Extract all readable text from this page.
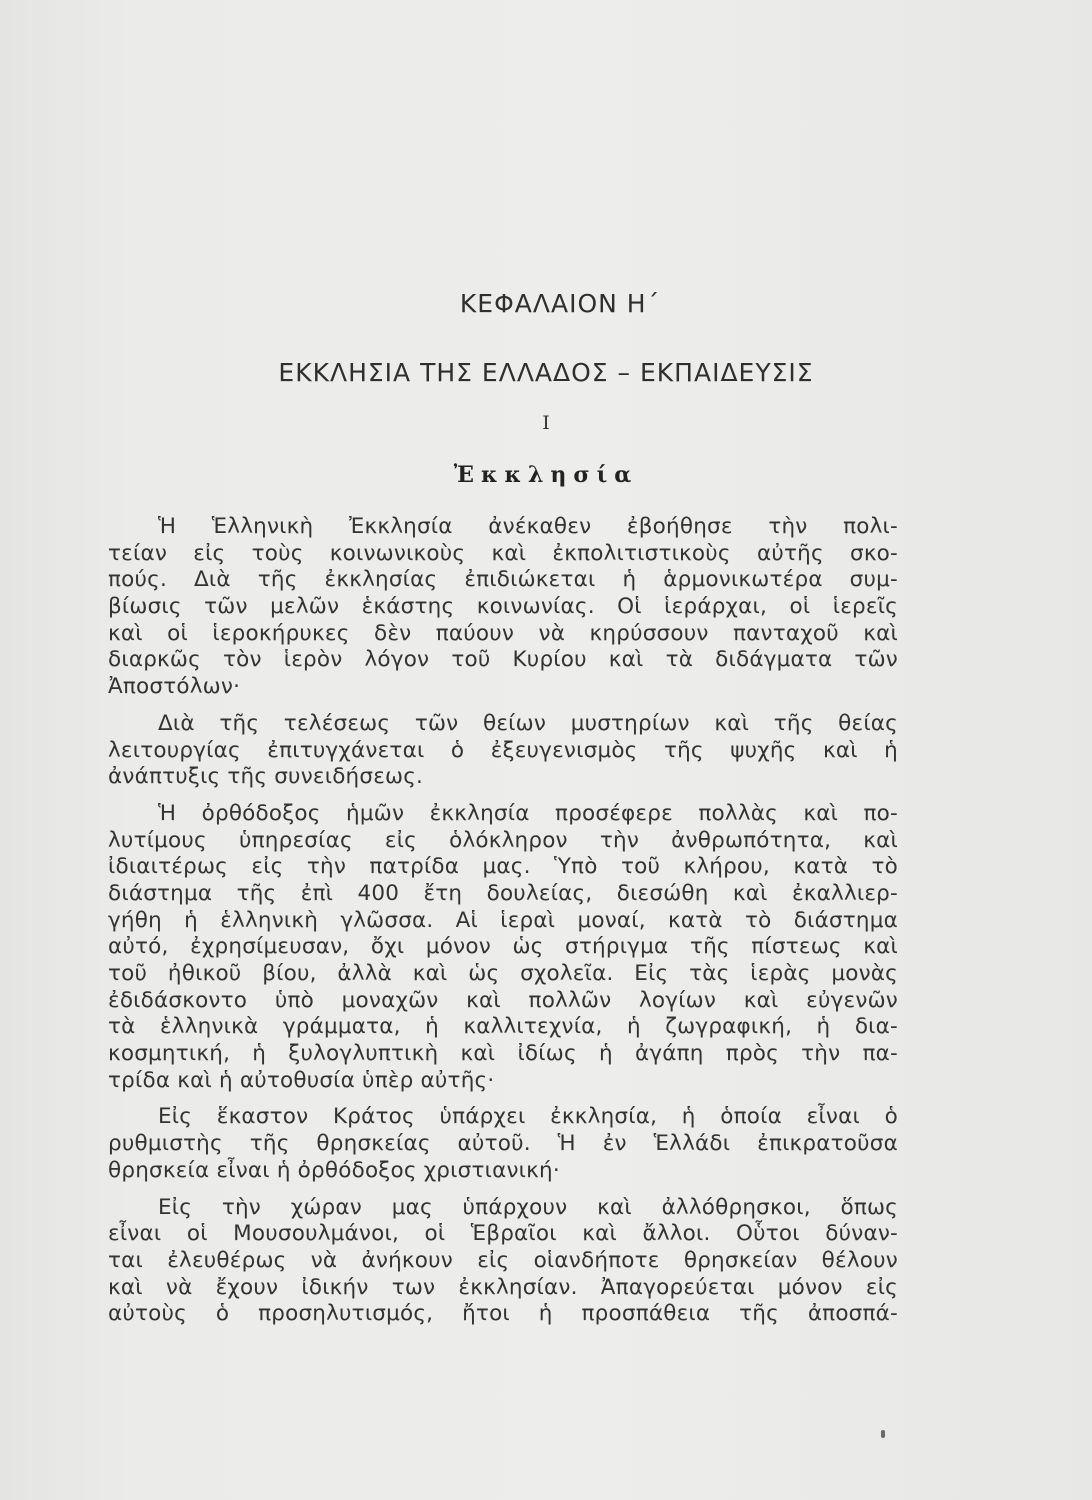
ΚΕΦΑΛΑΙΟΝ Η΄
ΕΚΚΛΗΣΙΑ ΤΗΣ ΕΛΛΑΔΟΣ – ΕΚΠΑΙΔΕΥΣΙΣ
I
Ἐκκλησία
Ἡ Ἑλληνικὴ Ἐκκλησία ἀνέκαθεν ἐβοήθησε τὴν πολι-
τείαν εἰς τοὺς κοινωνικοὺς καὶ ἐκπολιτιστικοὺς αὐτῆς σκο-
πούς. Διὰ τῆς ἐκκλησίας ἐπιδιώκεται ἡ ἁρμονικωτέρα συμ-
βίωσις τῶν μελῶν ἑκάστης κοινωνίας. Οἱ ἱεράρχαι, οἱ ἱερεῖς
καὶ οἱ ἱεροκήρυκες δὲν παύουν νὰ κηρύσσουν πανταχοῦ καὶ
διαρκῶς τὸν ἱερὸν λόγον τοῦ Κυρίου καὶ τὰ διδάγματα τῶν
Ἀποστόλων·
Διὰ τῆς τελέσεως τῶν θείων μυστηρίων καὶ τῆς θείας
λειτουργίας ἐπιτυγχάνεται ὁ ἐξευγενισμὸς τῆς ψυχῆς καὶ ἡ
ἀνάπτυξις τῆς συνειδήσεως.
Ἡ ὀρθόδοξος ἡμῶν ἐκκλησία προσέφερε πολλὰς καὶ πο-
λυτίμους ὑπηρεσίας εἰς ὁλόκληρον τὴν ἀνθρωπότητα, καὶ
ἰδιαιτέρως εἰς τὴν πατρίδα μας. Ὑπὸ τοῦ κλήρου, κατὰ τὸ
διάστημα τῆς ἐπὶ 400 ἔτη δουλείας, διεσώθη καὶ ἐκαλλιερ-
γήθη ἡ ἑλληνικὴ γλῶσσα. Αἱ ἱεραὶ μοναί, κατὰ τὸ διάστημα
αὐτό, ἐχρησίμευσαν, ὄχι μόνον ὡς στήριγμα τῆς πίστεως καὶ
τοῦ ἠθικοῦ βίου, ἀλλὰ καὶ ὡς σχολεῖα. Εἰς τὰς ἱερὰς μονὰς
ἐδιδάσκοντο ὑπὸ μοναχῶν καὶ πολλῶν λογίων καὶ εὐγενῶν
τὰ ἑλληνικὰ γράμματα, ἡ καλλιτεχνία, ἡ ζωγραφική, ἡ δια-
κοσμητική, ἡ ξυλογλυπτικὴ καὶ ἰδίως ἡ ἀγάπη πρὸς τὴν πα-
τρίδα καὶ ἡ αὐτοθυσία ὑπὲρ αὐτῆς·
Εἰς ἕκαστον Κράτος ὑπάρχει ἐκκλησία, ἡ ὁποία εἶναι ὁ
ρυθμιστὴς τῆς θρησκείας αὐτοῦ. Ἡ ἐν Ἑλλάδι ἐπικρατοῦσα
θρησκεία εἶναι ἡ ὀρθόδοξος χριστιανική·
Εἰς τὴν χώραν μας ὑπάρχουν καὶ ἀλλόθρησκοι, ὅπως
εἶναι οἱ Μουσουλμάνοι, οἱ Ἑβραῖοι καὶ ἄλλοι. Οὗτοι δύναν-
ται ἐλευθέρως νὰ ἀνήκουν εἰς οἱανδήποτε θρησκείαν θέλουν
καὶ νὰ ἔχουν ἰδικήν των ἐκκλησίαν. Ἀπαγορεύεται μόνον εἰς
αὐτοὺς ὁ προσηλυτισμός, ἤτοι ἡ προσπάθεια τῆς ἀποσπά-
